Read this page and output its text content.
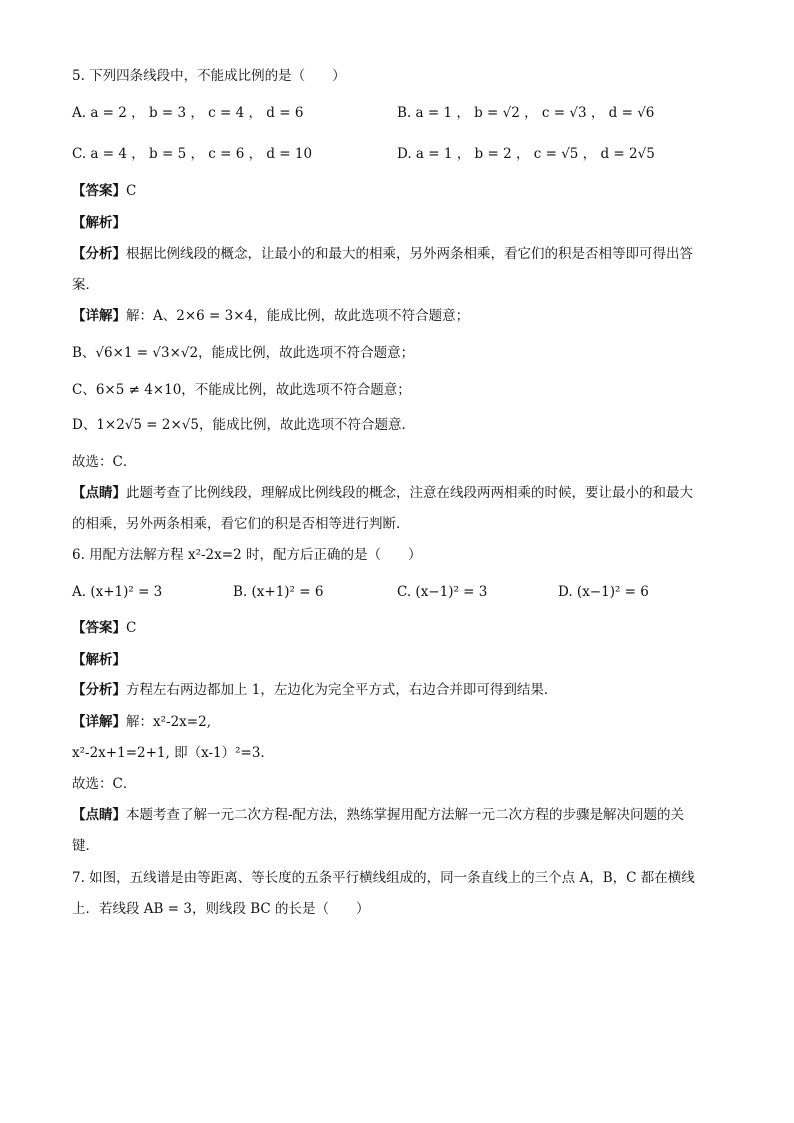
5. 下列四条线段中，不能成比例的是（　　）
A. a = 2 ， b = 3 ， c = 4 ， d = 6	B. a = 1 ， b = √2 ， c = √3 ， d = √6
C. a = 4 ， b = 5 ， c = 6 ， d = 10	D. a = 1 ， b = 2 ， c = √5 ， d = 2√5
【答案】C
【解析】
【分析】根据比例线段的概念，让最小的和最大的相乘，另外两条相乘，看它们的积是否相等即可得出答
案．
【详解】解：A、2×6 = 3×4，能成比例，故此选项不符合题意；
B、√6×1 = √3×√2，能成比例，故此选项不符合题意；
C、6×5 ≠ 4×10，不能成比例，故此选项不符合题意；
D、1×2√5 = 2×√5，能成比例，故此选项不符合题意．
故选：C．
【点睛】此题考查了比例线段，理解成比例线段的概念，注意在线段两两相乘的时候，要让最小的和最大
的相乘，另外两条相乘，看它们的积是否相等进行判断．
6. 用配方法解方程 x²-2x=2 时，配方后正确的是（　　）
A. (x+1)² = 3	B. (x+1)² = 6	C. (x−1)² = 3	D. (x−1)² = 6
【答案】C
【解析】
【分析】方程左右两边都加上 1，左边化为完全平方式，右边合并即可得到结果．
【详解】解：x²-2x=2,
x²-2x+1=2+1, 即（x-1）²=3.
故选：C．
【点睛】本题考查了解一元二次方程-配方法，熟练掌握用配方法解一元二次方程的步骤是解决问题的关
键．
7. 如图，五线谱是由等距离、等长度的五条平行横线组成的，同一条直线上的三个点 A，B，C 都在横线
上．若线段 AB = 3，则线段 BC 的长是（　　）
